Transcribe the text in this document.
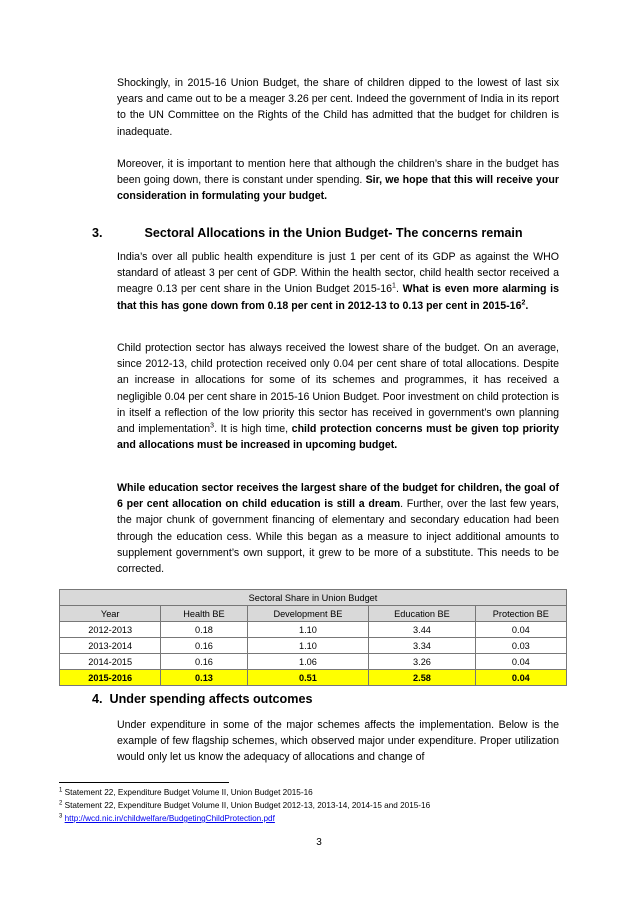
Shockingly, in 2015-16 Union Budget, the share of children dipped to the lowest of last six years and came out to be a meager 3.26 per cent. Indeed the government of India in its report to the UN Committee on the Rights of the Child has admitted that the budget for children is inadequate.

Moreover, it is important to mention here that although the children’s share in the budget has been going down, there is constant under spending. Sir, we hope that this will receive your consideration in formulating your budget.

3.	Sectoral Allocations in the Union Budget- The concerns remain

India’s over all public health expenditure is just 1 per cent of its GDP as against the WHO standard of atleast 3 per cent of GDP. Within the health sector, child health sector received a meagre 0.13 per cent share in the Union Budget $2015-16^1$. What is even more alarming is that this has gone down from 0.18 per cent in 2012-13 to 0.13 per cent in $2015-16^2$.

Child protection sector has always received the lowest share of the budget. On an average, since 2012-13, child protection received only 0.04 per cent share of total allocations. Despite an increase in allocations for some of its schemes and programmes, it has received a negligible 0.04 per cent share in 2015-16 Union Budget. Poor investment on child protection is in itself a reflection of the low priority this sector has received in government’s own planning and implementation$^3$. It is high time, child protection concerns must be given top priority and allocations must be increased in upcoming budget.

While education sector receives the largest share of the budget for children, the goal of 6 per cent allocation on child education is still a dream. Further, over the last few years, the major chunk of government financing of elementary and secondary education had been through the education cess. While this began as a measure to inject additional amounts to supplement government’s own support, it grew to be more of a substitute. This needs to be corrected.

Sectoral Share in Union Budget				
Year	Health BE	Development BE	Education BE	Protection BE
2012-2013	0.18	1.10	3.44	0.04
2013-2014	0.16	1.10	3.34	0.03
2014-2015	0.16	1.06	3.26	0.04
2015-2016	0.13	0.51	2.58	0.04
4. Under spending affects outcomes

Under expenditure in some of the major schemes affects the implementation. Below is the example of few flagship schemes, which observed major under expenditure. Proper utilization would only let us know the adequacy of allocations and change of

$^1$ Statement 22, Expenditure Budget Volume II, Union Budget 2015-16
$^2$ Statement 22, Expenditure Budget Volume II, Union Budget 2012-13, 2013-14, 2014-15 and 2015-16
$^3$ http://wcd.nic.in/childwelfare/BudgetingChildProtection.pdf
3
